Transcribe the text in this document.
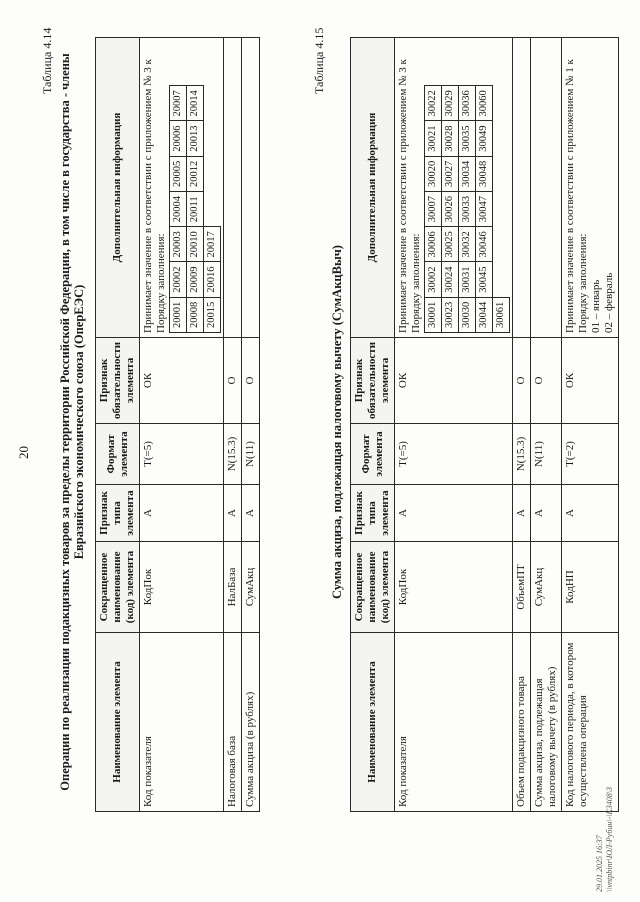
20
Таблица 4.14 Операции по реализации подакцизных товаров за пределы территории Российской Федерации, в том числе в государства - члены Евразийского экономического союза (ОперЕЭС)
Наименование элемента	Сокращенное наименование (код) элемента	Признак типа элемента	Формат элемента	Признак обязательности элемента	Дополнительная информация
Код показателя	КодПок	А	T(=5)	ОК	
Принимает значение в соответствии с приложением № 3 к Порядку заполнения: 20001	20002	20003	20004	20005	20006	20007
20008	20009	20010	20011	20012	20013	20014
20015	20016	20017

Налоговая база	НалБаза	А	N(15.3)	О	
Сумма акциза (в рублях)	СумАкц	А	N(11)	О	
Таблица 4.15
Сумма акциза, подлежащая налоговому вычету (СумАкцВыч)
Наименование элемента	Сокращенное наименование (код) элемента	Признак типа элемента	Формат элемента	Признак обязательности элемента	Дополнительная информация
Код показателя	КодПок	А	T(=5)	ОК	
Принимает значение в соответствии с приложением № 3 к Порядку заполнения: 30001	30002	30006	30007	30020	30021	30022
30023	30024	30025	30026	30027	30028	30029
30030	30031	30032	30033	30034	30035	30036
30044	30045	30046	30047	30048	30049	30060
30061

Объем подакцизного товара	ОбъемПТ	А	N(15.3)	О	
Сумма акциза, подлежащая налоговому вычету (в рублях)	СумАкц	А	N(11)	О	
Код налогового периода, в котором осуществлена операция	КодНП	А	T(=2)	ОК	
Принимает значение в соответствии с приложением № 1 к Порядку заполнения: 01 – январь 02 – февраль
29.01.2025 16:37 \\vntpbinr\ЮЛ-Рубин\-\КЗ408\3
